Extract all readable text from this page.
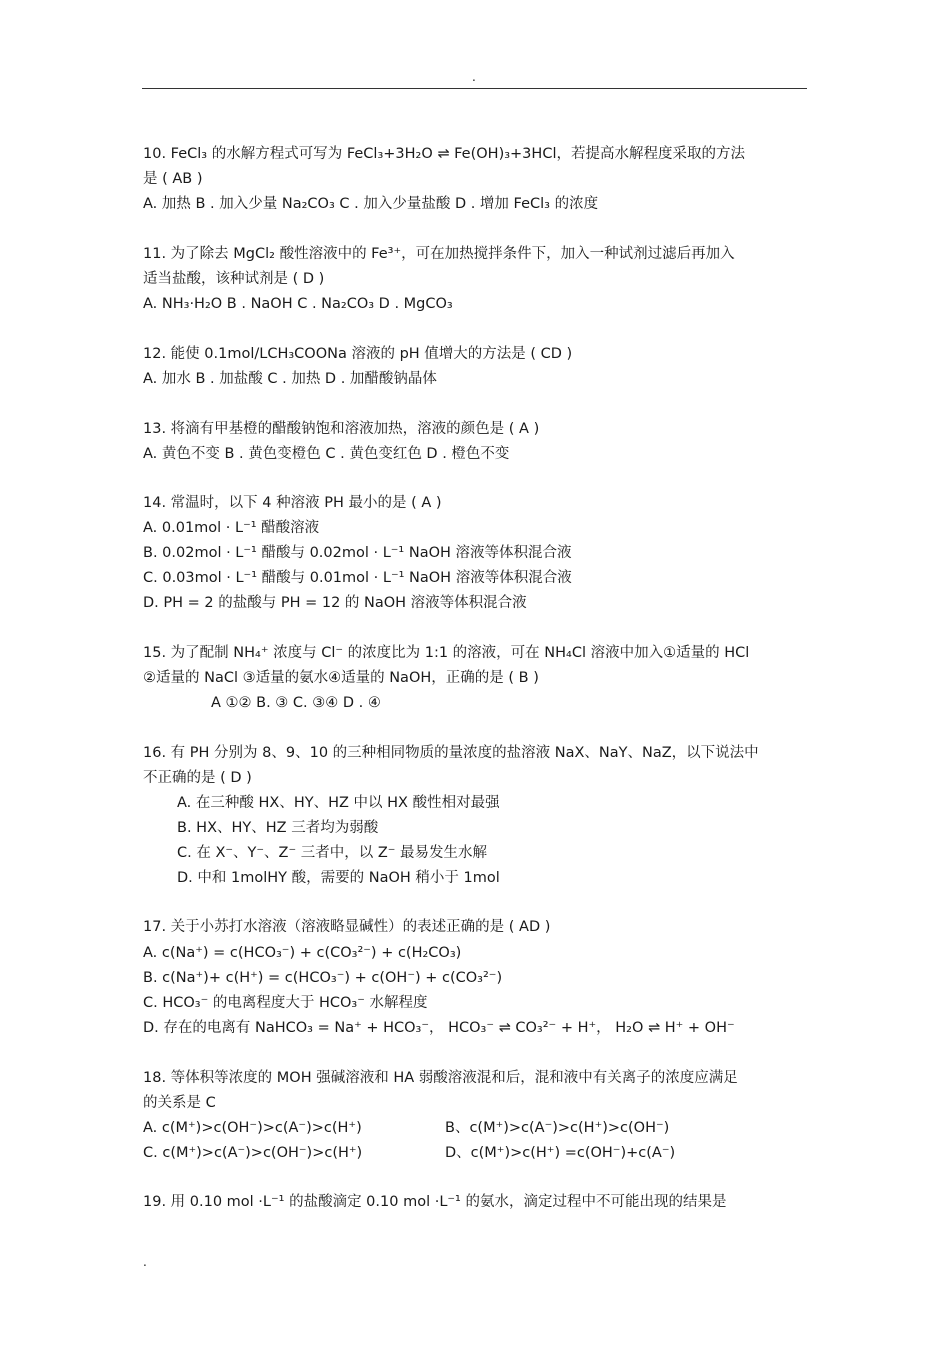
.
10. FeCl₃ 的水解方程式可写为 FeCl₃+3H₂O ⇌ Fe(OH)₃+3HCl，若提高水解程度采取的方法
是 ( AB )
A. 加热 B . 加入少量 Na₂CO₃ C . 加入少量盐酸 D . 增加 FeCl₃ 的浓度
11. 为了除去 MgCl₂ 酸性溶液中的 Fe³⁺，可在加热搅拌条件下，加入一种试剂过滤后再加入
适当盐酸，该种试剂是 ( D )
A. NH₃·H₂O B . NaOH C . Na₂CO₃ D . MgCO₃
12. 能使 0.1mol/LCH₃COONa 溶液的 pH 值增大的方法是 ( CD )
A. 加水 B . 加盐酸 C . 加热 D . 加醋酸钠晶体
13. 将滴有甲基橙的醋酸钠饱和溶液加热，溶液的颜色是 ( A )
A. 黄色不变 B . 黄色变橙色 C . 黄色变红色 D . 橙色不变
14. 常温时，以下 4 种溶液 PH 最小的是 ( A )
A. 0.01mol · L⁻¹ 醋酸溶液
B. 0.02mol · L⁻¹ 醋酸与 0.02mol · L⁻¹ NaOH 溶液等体积混合液
C. 0.03mol · L⁻¹ 醋酸与 0.01mol · L⁻¹ NaOH 溶液等体积混合液
D. PH = 2 的盐酸与 PH = 12 的 NaOH 溶液等体积混合液
15. 为了配制 NH₄⁺ 浓度与 Cl⁻ 的浓度比为 1:1 的溶液，可在 NH₄Cl 溶液中加入①适量的 HCl
②适量的 NaCl ③适量的氨水④适量的 NaOH，正确的是 ( B )
A ①② B. ③ C. ③④ D . ④
16. 有 PH 分别为 8、9、10 的三种相同物质的量浓度的盐溶液 NaX、NaY、NaZ，以下说法中
不正确的是 ( D )
A. 在三种酸 HX、HY、HZ 中以 HX 酸性相对最强
B. HX、HY、HZ 三者均为弱酸
C. 在 X⁻、Y⁻、Z⁻ 三者中，以 Z⁻ 最易发生水解
D. 中和 1molHY 酸，需要的 NaOH 稍小于 1mol
17. 关于小苏打水溶液（溶液略显碱性）的表述正确的是 ( AD )
A. c(Na⁺) = c(HCO₃⁻) + c(CO₃²⁻) + c(H₂CO₃)
B. c(Na⁺)+ c(H⁺) = c(HCO₃⁻) + c(OH⁻) + c(CO₃²⁻)
C. HCO₃⁻ 的电离程度大于 HCO₃⁻ 水解程度
D. 存在的电离有 NaHCO₃ = Na⁺ + HCO₃⁻， HCO₃⁻ ⇌ CO₃²⁻ + H⁺， H₂O ⇌ H⁺ + OH⁻
18. 等体积等浓度的 MOH 强碱溶液和 HA 弱酸溶液混和后，混和液中有关离子的浓度应满足
的关系是 C
A. c(M⁺)>c(OH⁻)>c(A⁻)>c(H⁺)	B、c(M⁺)>c(A⁻)>c(H⁺)>c(OH⁻)
C. c(M⁺)>c(A⁻)>c(OH⁻)>c(H⁺)	D、c(M⁺)>c(H⁺) =c(OH⁻)+c(A⁻)
19. 用 0.10 mol ·L⁻¹ 的盐酸滴定 0.10 mol ·L⁻¹ 的氨水，滴定过程中不可能出现的结果是
.
